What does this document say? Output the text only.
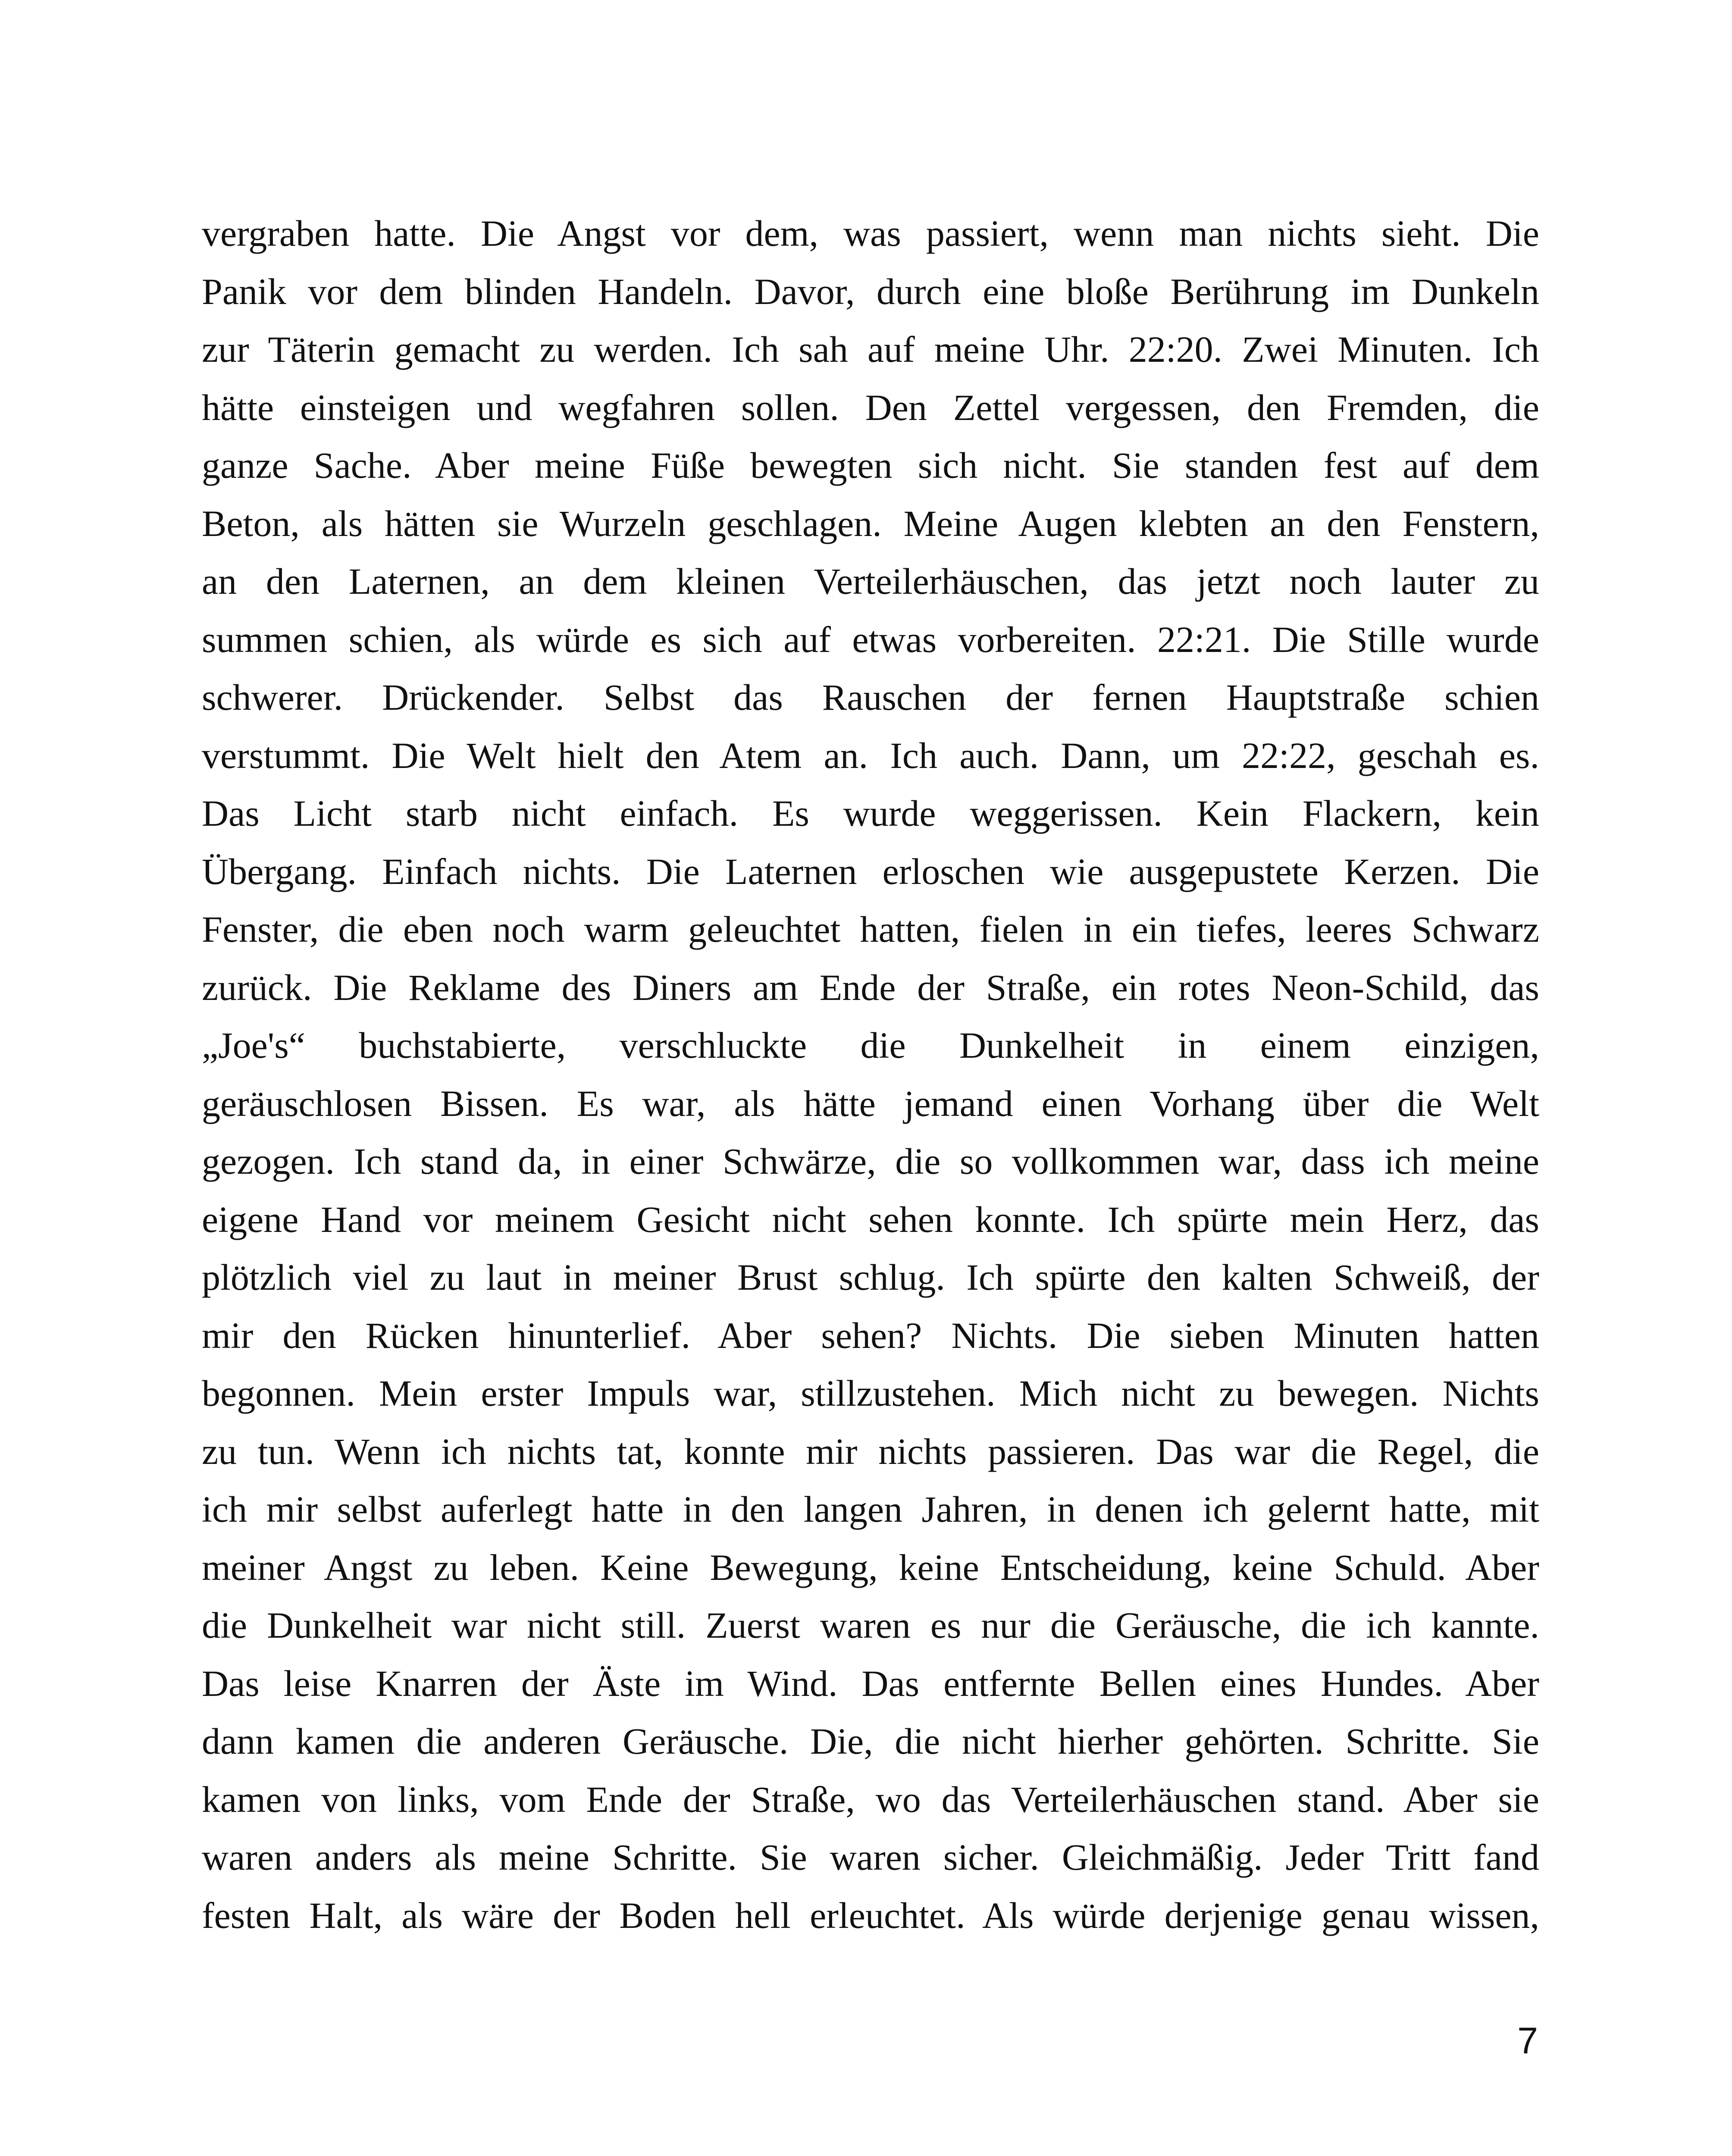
vergraben hatte. Die Angst vor dem, was passiert, wenn man nichts sieht. Die
Panik vor dem blinden Handeln. Davor, durch eine bloße Berührung im Dunkeln
zur Täterin gemacht zu werden. Ich sah auf meine Uhr. 22:20. Zwei Minuten. Ich
hätte einsteigen und wegfahren sollen. Den Zettel vergessen, den Fremden, die
ganze Sache. Aber meine Füße bewegten sich nicht. Sie standen fest auf dem
Beton, als hätten sie Wurzeln geschlagen. Meine Augen klebten an den Fenstern,
an den Laternen, an dem kleinen Verteilerhäuschen, das jetzt noch lauter zu
summen schien, als würde es sich auf etwas vorbereiten. 22:21. Die Stille wurde
schwerer. Drückender. Selbst das Rauschen der fernen Hauptstraße schien
verstummt. Die Welt hielt den Atem an. Ich auch. Dann, um 22:22, geschah es.
Das Licht starb nicht einfach. Es wurde weggerissen. Kein Flackern, kein
Übergang. Einfach nichts. Die Laternen erloschen wie ausgepustete Kerzen. Die
Fenster, die eben noch warm geleuchtet hatten, fielen in ein tiefes, leeres Schwarz
zurück. Die Reklame des Diners am Ende der Straße, ein rotes Neon-Schild, das
„Joe's“ buchstabierte, verschluckte die Dunkelheit in einem einzigen,
geräuschlosen Bissen. Es war, als hätte jemand einen Vorhang über die Welt
gezogen. Ich stand da, in einer Schwärze, die so vollkommen war, dass ich meine
eigene Hand vor meinem Gesicht nicht sehen konnte. Ich spürte mein Herz, das
plötzlich viel zu laut in meiner Brust schlug. Ich spürte den kalten Schweiß, der
mir den Rücken hinunterlief. Aber sehen? Nichts. Die sieben Minuten hatten
begonnen. Mein erster Impuls war, stillzustehen. Mich nicht zu bewegen. Nichts
zu tun. Wenn ich nichts tat, konnte mir nichts passieren. Das war die Regel, die
ich mir selbst auferlegt hatte in den langen Jahren, in denen ich gelernt hatte, mit
meiner Angst zu leben. Keine Bewegung, keine Entscheidung, keine Schuld. Aber
die Dunkelheit war nicht still. Zuerst waren es nur die Geräusche, die ich kannte.
Das leise Knarren der Äste im Wind. Das entfernte Bellen eines Hundes. Aber
dann kamen die anderen Geräusche. Die, die nicht hierher gehörten. Schritte. Sie
kamen von links, vom Ende der Straße, wo das Verteilerhäuschen stand. Aber sie
waren anders als meine Schritte. Sie waren sicher. Gleichmäßig. Jeder Tritt fand
festen Halt, als wäre der Boden hell erleuchtet. Als würde derjenige genau wissen,
7
